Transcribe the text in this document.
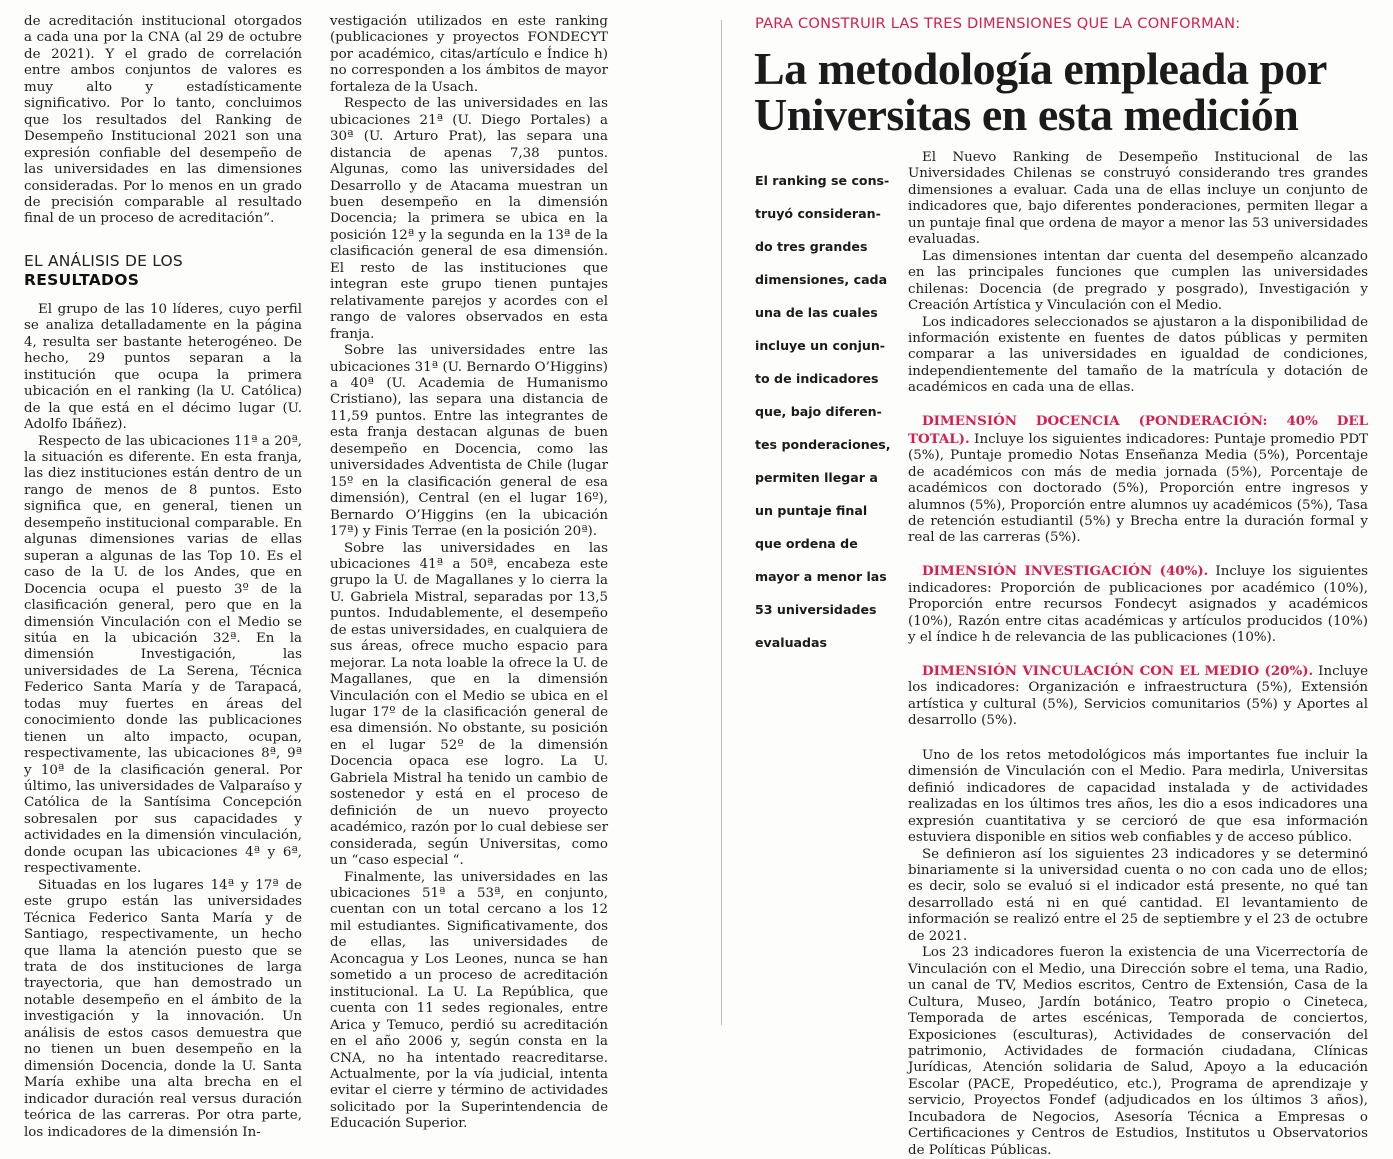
de acreditación institucional otorgados a cada una por la CNA (al 29 de octubre de 2021). Y el grado de correlación entre ambos conjuntos de valores es muy alto y estadísticamente significativo. Por lo tanto, concluimos que los resultados del Ranking de Desempeño Institucional 2021 son una expresión confiable del desempeño de las universidades en las dimensiones consideradas. Por lo menos en un grado de precisión comparable al resultado final de un proceso de acreditación”.

EL ANÁLISIS DE LOS
RESULTADOS

El grupo de las 10 líderes, cuyo perfil se analiza detalladamente en la página 4, resulta ser bastante heterogéneo. De hecho, 29 puntos separan a la institución que ocupa la primera ubicación en el ranking (la U. Católica) de la que está en el décimo lugar (U. Adolfo Ibáñez).

Respecto de las ubicaciones 11ª a 20ª, la situación es diferente. En esta franja, las diez instituciones están dentro de un rango de menos de 8 puntos. Esto significa que, en general, tienen un desempeño institucional comparable. En algunas dimensiones varias de ellas superan a algunas de las Top 10. Es el caso de la U. de los Andes, que en Docencia ocupa el puesto 3º de la clasificación general, pero que en la dimensión Vinculación con el Medio se sitúa en la ubicación 32ª. En la dimensión Investigación, las universidades de La Serena, Técnica Federico Santa María y de Tarapacá, todas muy fuertes en áreas del conocimiento donde las publicaciones tienen un alto impacto, ocupan, respectivamente, las ubicaciones 8ª, 9ª y 10ª de la clasificación general. Por último, las universidades de Valparaíso y Católica de la Santísima Concepción sobresalen por sus capacidades y actividades en la dimensión vinculación, donde ocupan las ubicaciones 4ª y 6ª, respectivamente.

Situadas en los lugares 14ª y 17ª de este grupo están las universidades Técnica Federico Santa María y de Santiago, respectivamente, un hecho que llama la atención puesto que se trata de dos instituciones de larga trayectoria, que han demostrado un notable desempeño en el ámbito de la investigación y la innovación. Un análisis de estos casos demuestra que no tienen un buen desempeño en la dimensión Docencia, donde la U. Santa María exhibe una alta brecha en el indicador duración real versus duración teórica de las carreras. Por otra parte, los indicadores de la dimensión In-

vestigación utilizados en este ranking (publicaciones y proyectos FONDECYT por académico, citas/artículo e Índice h) no corresponden a los ámbitos de mayor fortaleza de la Usach.

Respecto de las universidades en las ubicaciones 21ª (U. Diego Portales) a 30ª (U. Arturo Prat), las separa una distancia de apenas 7,38 puntos. Algunas, como las universidades del Desarrollo y de Atacama muestran un buen desempeño en la dimensión Docencia; la primera se ubica en la posición 12ª y la segunda en la 13ª de la clasificación general de esa dimensión. El resto de las instituciones que integran este grupo tienen puntajes relativamente parejos y acordes con el rango de valores observados en esta franja.

Sobre las universidades entre las ubicaciones 31ª (U. Bernardo O’Higgins) a 40ª (U. Academia de Humanismo Cristiano), las separa una distancia de 11,59 puntos. Entre las integrantes de esta franja destacan algunas de buen desempeño en Docencia, como las universidades Adventista de Chile (lugar 15º en la clasificación general de esa dimensión), Central (en el lugar 16º), Bernardo O’Higgins (en la ubicación 17ª) y Finis Terrae (en la posición 20ª).

Sobre las universidades en las ubicaciones 41ª a 50ª, encabeza este grupo la U. de Magallanes y lo cierra la U. Gabriela Mistral, separadas por 13,5 puntos. Indudablemente, el desempeño de estas universidades, en cualquiera de sus áreas, ofrece mucho espacio para mejorar. La nota loable la ofrece la U. de Magallanes, que en la dimensión Vinculación con el Medio se ubica en el lugar 17º de la clasificación general de esa dimensión. No obstante, su posición en el lugar 52º de la dimensión Docencia opaca ese logro. La U. Gabriela Mistral ha tenido un cambio de sostenedor y está en el proceso de definición de un nuevo proyecto académico, razón por lo cual debiese ser considerada, según Universitas, como un “caso especial “.

Finalmente, las universidades en las ubicaciones 51ª a 53ª, en conjunto, cuentan con un total cercano a los 12 mil estudiantes. Significativamente, dos de ellas, las universidades de Aconcagua y Los Leones, nunca se han sometido a un proceso de acreditación institucional. La U. La República, que cuenta con 11 sedes regionales, entre Arica y Temuco, perdió su acreditación en el año 2006 y, según consta en la CNA, no ha intentado reacreditarse. Actualmente, por la vía judicial, intenta evitar el cierre y término de actividades solicitado por la Superintendencia de Educación Superior.

PARA CONSTRUIR LAS TRES DIMENSIONES QUE LA CONFORMAN:
La metodología empleada por
Universitas en esta medición
El ranking se cons-
truyó consideran-
do tres grandes
dimensiones, cada
una de las cuales
incluye un conjun-
to de indicadores
que, bajo diferen-
tes ponderaciones,
permiten llegar a
un puntaje final
que ordena de
mayor a menor las
53 universidades
evaluadas

El Nuevo Ranking de Desempeño Institucional de las Universidades Chilenas se construyó considerando tres grandes dimensiones a evaluar. Cada una de ellas incluye un conjunto de indicadores que, bajo diferentes ponderaciones, permiten llegar a un puntaje final que ordena de mayor a menor las 53 universidades evaluadas.

Las dimensiones intentan dar cuenta del desempeño alcanzado en las principales funciones que cumplen las universidades chilenas: Docencia (de pregrado y posgrado), Investigación y Creación Artística y Vinculación con el Medio.

Los indicadores seleccionados se ajustaron a la disponibilidad de información existente en fuentes de datos públicas y permiten comparar a las universidades en igualdad de condiciones, independientemente del tamaño de la matrícula y dotación de académicos en cada una de ellas.

DIMENSIÓN DOCENCIA (PONDERACIÓN: 40% DEL TOTAL). Incluye los siguientes indicadores: Puntaje promedio PDT (5%), Puntaje promedio Notas Enseñanza Media (5%), Porcentaje de académicos con más de media jornada (5%), Porcentaje de académicos con doctorado (5%), Proporción entre ingresos y alumnos (5%), Proporción entre alumnos uy académicos (5%), Tasa de retención estudiantil (5%) y Brecha entre la duración formal y real de las carreras (5%).

DIMENSIÓN INVESTIGACIÓN (40%). Incluye los siguientes indicadores: Proporción de publicaciones por académico (10%), Proporción entre recursos Fondecyt asignados y académicos (10%), Razón entre citas académicas y artículos producidos (10%) y el índice h de relevancia de las publicaciones (10%).

DIMENSIÓN VINCULACIÓN CON EL MEDIO (20%). Incluye los indicadores: Organización e infraestructura (5%), Extensión artística y cultural (5%), Servicios comunitarios (5%) y Aportes al desarrollo (5%).

Uno de los retos metodológicos más importantes fue incluir la dimensión de Vinculación con el Medio. Para medirla, Universitas definió indicadores de capacidad instalada y de actividades realizadas en los últimos tres años, les dio a esos indicadores una expresión cuantitativa y se cercioró de que esa información estuviera disponible en sitios web confiables y de acceso público.

Se definieron así los siguientes 23 indicadores y se determinó binariamente si la universidad cuenta o no con cada uno de ellos; es decir, solo se evaluó si el indicador está presente, no qué tan desarrollado está ni en qué cantidad. El levantamiento de información se realizó entre el 25 de septiembre y el 23 de octubre de 2021.

Los 23 indicadores fueron la existencia de una Vicerrectoría de Vinculación con el Medio, una Dirección sobre el tema, una Radio, un canal de TV, Medios escritos, Centro de Extensión, Casa de la Cultura, Museo, Jardín botánico, Teatro propio o Cineteca, Temporada de artes escénicas, Temporada de conciertos, Exposiciones (esculturas), Actividades de conservación del patrimonio, Actividades de formación ciudadana, Clínicas Jurídicas, Atención solidaria de Salud, Apoyo a la educación Escolar (PACE, Propedéutico, etc.), Programa de aprendizaje y servicio, Proyectos Fondef (adjudicados en los últimos 3 años), Incubadora de Negocios, Asesoría Técnica a Empresas o Certificaciones y Centros de Estudios, Institutos u Observatorios de Políticas Públicas.
